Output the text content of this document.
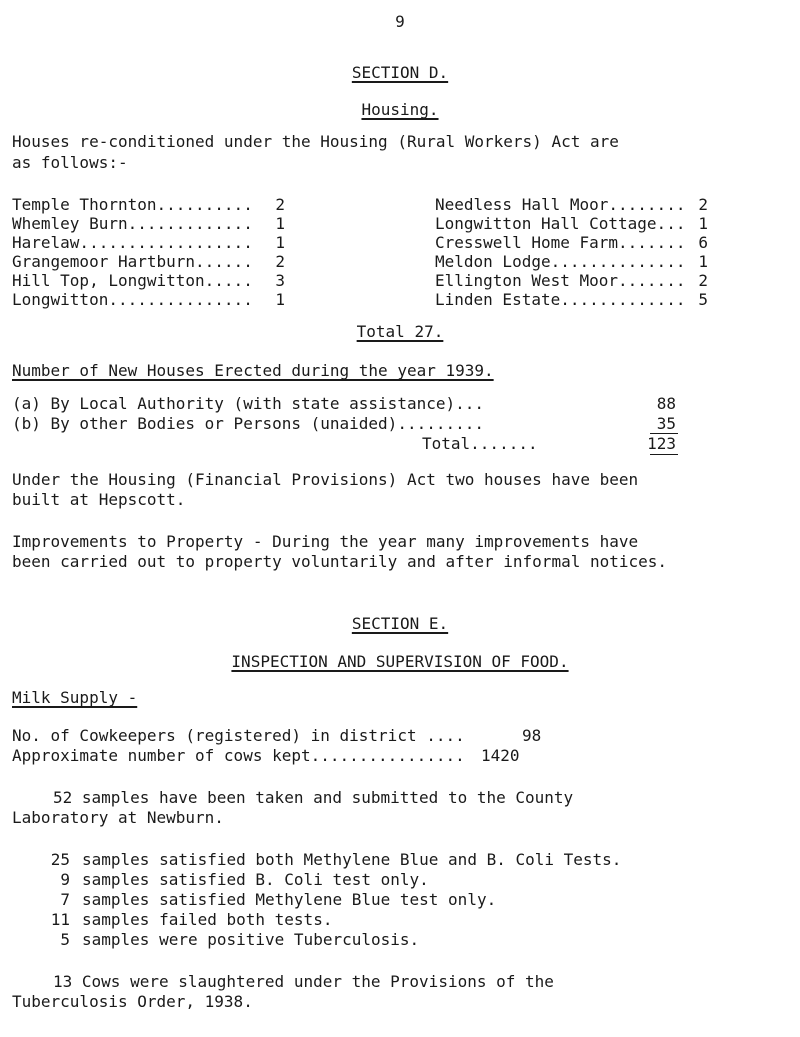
9
SECTION D.
Housing.
Houses re-conditioned under the Housing (Rural Workers) Act are
as follows:-
Temple Thornton..........	2
Whemley Burn.............	1
Harelaw..................	1
Grangemoor Hartburn......	2
Hill Top, Longwitton.....	3
Longwitton...............	1
Needless Hall Moor........ 2
Longwitton Hall Cottage... 1
Cresswell Home Farm....... 6
Meldon Lodge.............. 1
Ellington West Moor....... 2
Linden Estate............. 5
Total 27.
Number of New Houses Erected during the year 1939.
(a) By Local Authority (with state assistance)...	88
(b) By other Bodies or Persons (unaided).........	35
Total.......	123
Under the Housing (Financial Provisions) Act two houses have been
built at Hepscott.
Improvements to Property - During the year many improvements have
been carried out to property voluntarily and after informal notices.
SECTION E.
INSPECTION AND SUPERVISION OF FOOD.
Milk Supply -
No. of Cowkeepers (registered) in district ....	98
Approximate number of cows kept................ 1420
52 samples have been taken and submitted to the County
Laboratory at Newburn.
25 samples satisfied both Methylene Blue and B. Coli Tests.
9 samples satisfied B. Coli test only.
7 samples satisfied Methylene Blue test only.
11 samples failed both tests.
5 samples were positive Tuberculosis.
13 Cows were slaughtered under the Provisions of the
Tuberculosis Order, 1938.
